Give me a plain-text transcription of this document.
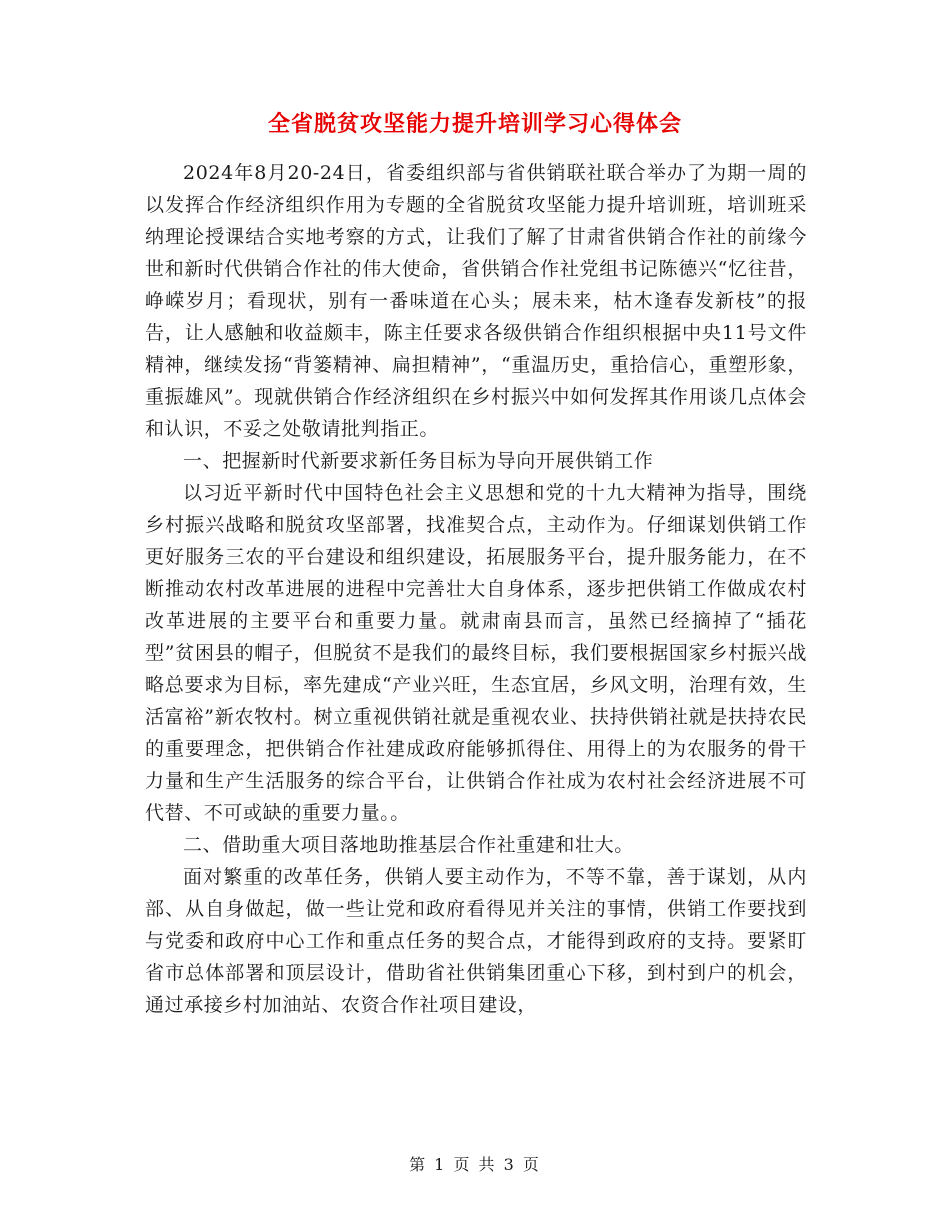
全省脱贫攻坚能力提升培训学习心得体会

2024年8月20-24日，省委组织部与省供销联社联合举办了为期一周的以发挥合作经济组织作用为专题的全省脱贫攻坚能力提升培训班，培训班采纳理论授课结合实地考察的方式，让我们了解了甘肃省供销合作社的前缘今世和新时代供销合作社的伟大使命，省供销合作社党组书记陈德兴“忆往昔，峥嵘岁月；看现状，别有一番味道在心头；展未来，枯木逢春发新枝”的报告，让人感触和收益颇丰，陈主任要求各级供销合作组织根据中央11号文件精神，继续发扬“背篓精神、扁担精神”，“重温历史，重拾信心，重塑形象，重振雄风”。现就供销合作经济组织在乡村振兴中如何发挥其作用谈几点体会和认识，不妥之处敬请批判指正。

一、把握新时代新要求新任务目标为导向开展供销工作

以习近平新时代中国特色社会主义思想和党的十九大精神为指导，围绕乡村振兴战略和脱贫攻坚部署，找准契合点，主动作为。仔细谋划供销工作更好服务三农的平台建设和组织建设，拓展服务平台，提升服务能力，在不断推动农村改革进展的进程中完善壮大自身体系，逐步把供销工作做成农村改革进展的主要平台和重要力量。就肃南县而言，虽然已经摘掉了“插花型”贫困县的帽子，但脱贫不是我们的最终目标，我们要根据国家乡村振兴战略总要求为目标，率先建成“产业兴旺，生态宜居，乡风文明，治理有效，生活富裕”新农牧村。树立重视供销社就是重视农业、扶持供销社就是扶持农民的重要理念，把供销合作社建成政府能够抓得住、用得上的为农服务的骨干力量和生产生活服务的综合平台，让供销合作社成为农村社会经济进展不可代替、不可或缺的重要力量。。

二、借助重大项目落地助推基层合作社重建和壮大。

面对繁重的改革任务，供销人要主动作为，不等不靠，善于谋划，从内部、从自身做起，做一些让党和政府看得见并关注的事情，供销工作要找到与党委和政府中心工作和重点任务的契合点，才能得到政府的支持。要紧盯省市总体部署和顶层设计，借助省社供销集团重心下移，到村到户的机会，通过承接乡村加油站、农资合作社项目建设，

第 1 页 共 3 页
